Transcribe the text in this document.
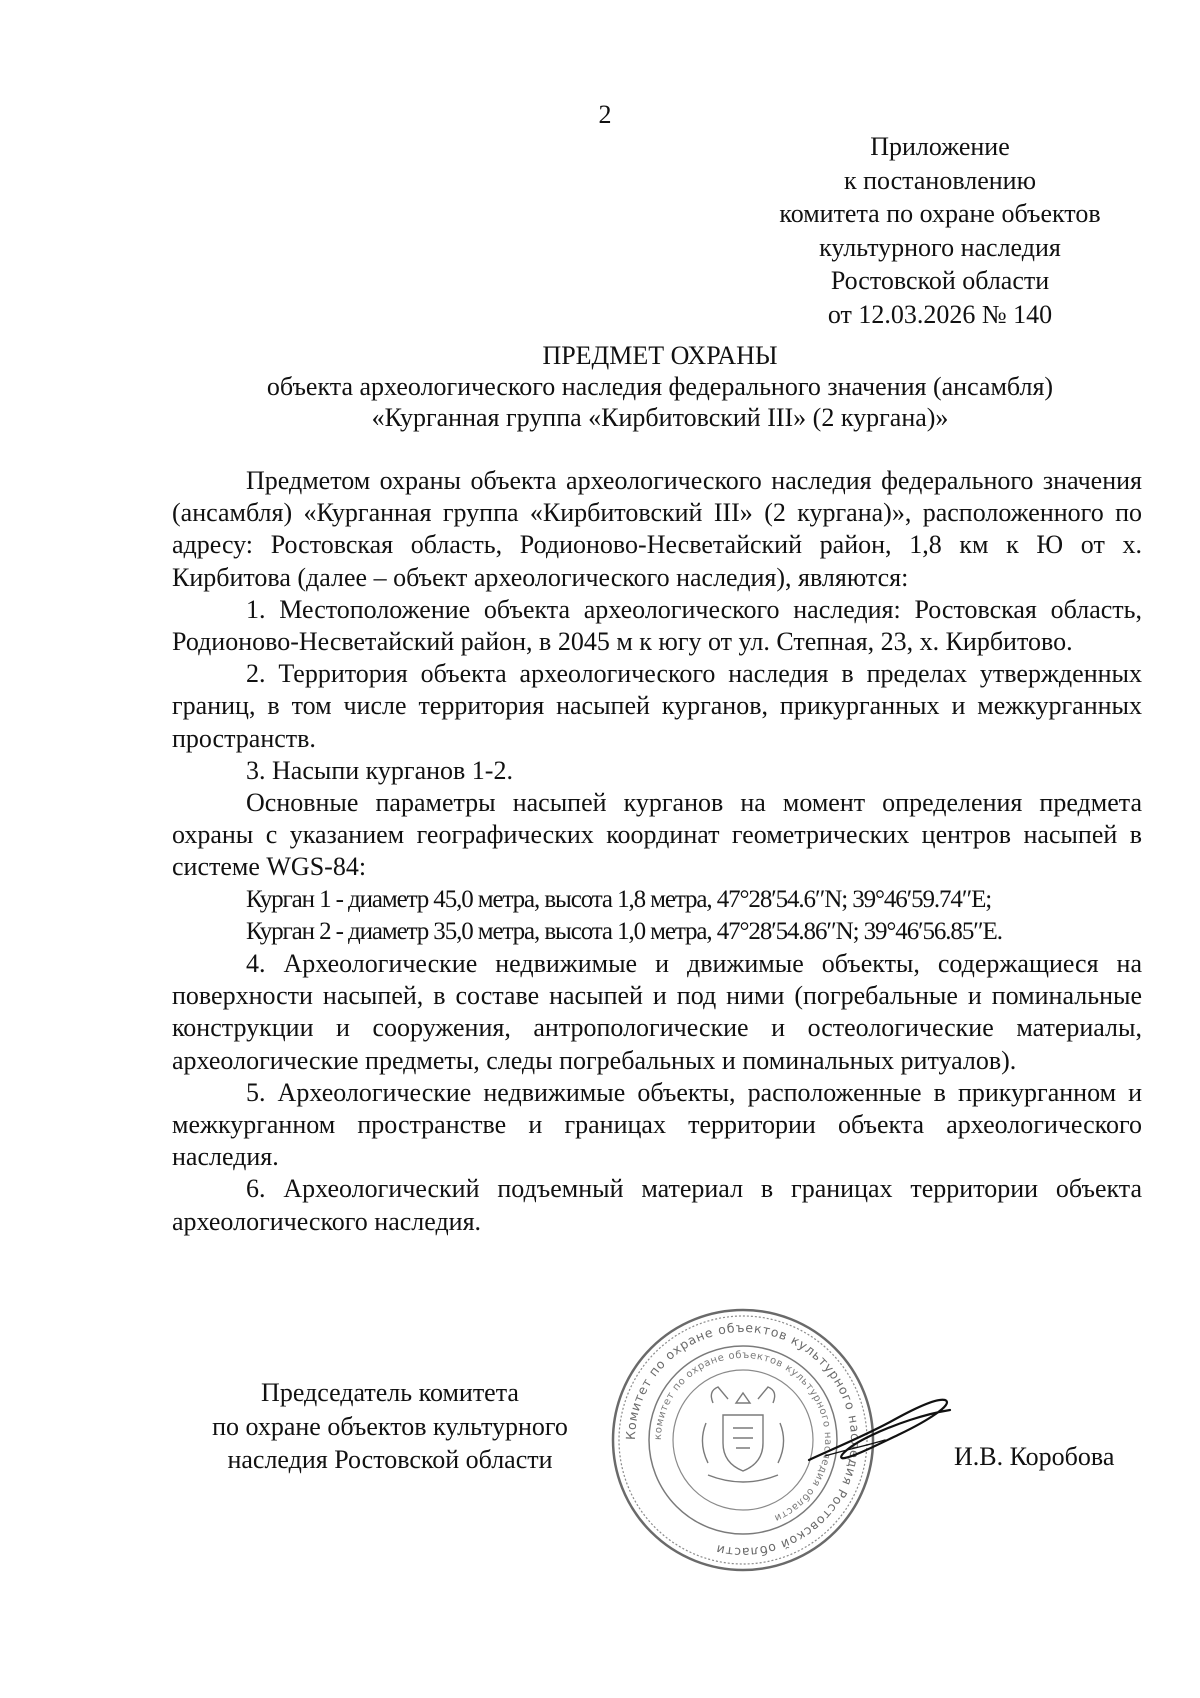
2
Приложение
к постановлению
комитета по охране объектов
культурного наследия
Ростовской области
от 12.03.2026 № 140
ПРЕДМЕТ ОХРАНЫ
объекта археологического наследия федерального значения (ансамбля)
«Курганная группа «Кирбитовский III» (2 кургана)»

Предметом охраны объекта археологического наследия федерального значения (ансамбля) «Курганная группа «Кирбитовский III» (2 кургана)», расположенного по адресу: Ростовская область, Родионово-Несветайский район, 1,8 км к Ю от х. Кирбитова (далее – объект археологического наследия), являются:

1. Местоположение объекта археологического наследия: Ростовская область, Родионово-Несветайский район, в 2045 м к югу от ул. Степная, 23, х. Кирбитово.

2. Территория объекта археологического наследия в пределах утвержденных границ, в том числе территория насыпей курганов, прикурганных и межкурганных пространств.

3. Насыпи курганов 1-2.

Основные параметры насыпей курганов на момент определения предмета охраны с указанием географических координат геометрических центров насыпей в системе WGS-84:

Курган 1 - диаметр 45,0 метра, высота 1,8 метра, 47°28′54.6″N; 39°46′59.74″E;

Курган 2 - диаметр 35,0 метра, высота 1,0 метра, 47°28′54.86″N; 39°46′56.85″E.

4. Археологические недвижимые и движимые объекты, содержащиеся на поверхности насыпей, в составе насыпей и под ними (погребальные и поминальные конструкции и сооружения, антропологические и остеологические материалы, археологические предметы, следы погребальных и поминальных ритуалов).

5. Археологические недвижимые объекты, расположенные в прикурганном и межкурганном пространстве и границах территории объекта археологического наследия.

6. Археологический подъемный материал в границах территории объекта археологического наследия.

Председатель комитета
по охране объектов культурного
наследия Ростовской области
Комитет по охране объектов культурного наследия Ростовской области
комитет по охране объектов культурного наследия области
И.В. Коробова
